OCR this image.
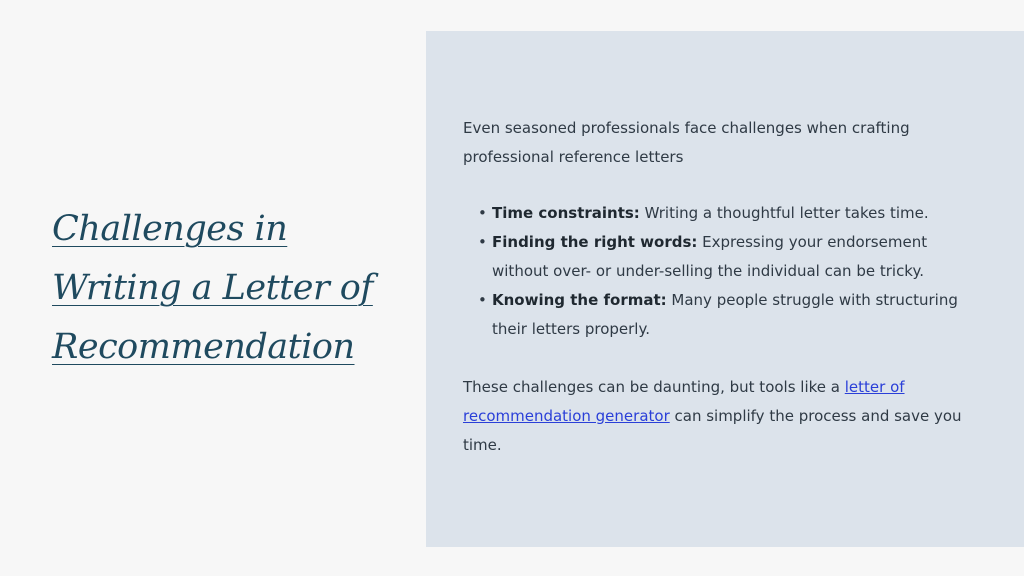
Challenges in
Writing a Letter of
Recommendation

Even seasoned professionals face challenges when crafting professional reference letters

• Time constraints: Writing a thoughtful letter takes time.
• Finding the right words: Expressing your endorsement without over- or under-selling the individual can be tricky.
• Knowing the format: Many people struggle with structuring their letters properly.

These challenges can be daunting, but tools like a letter of recommendation generator can simplify the process and save you time.
